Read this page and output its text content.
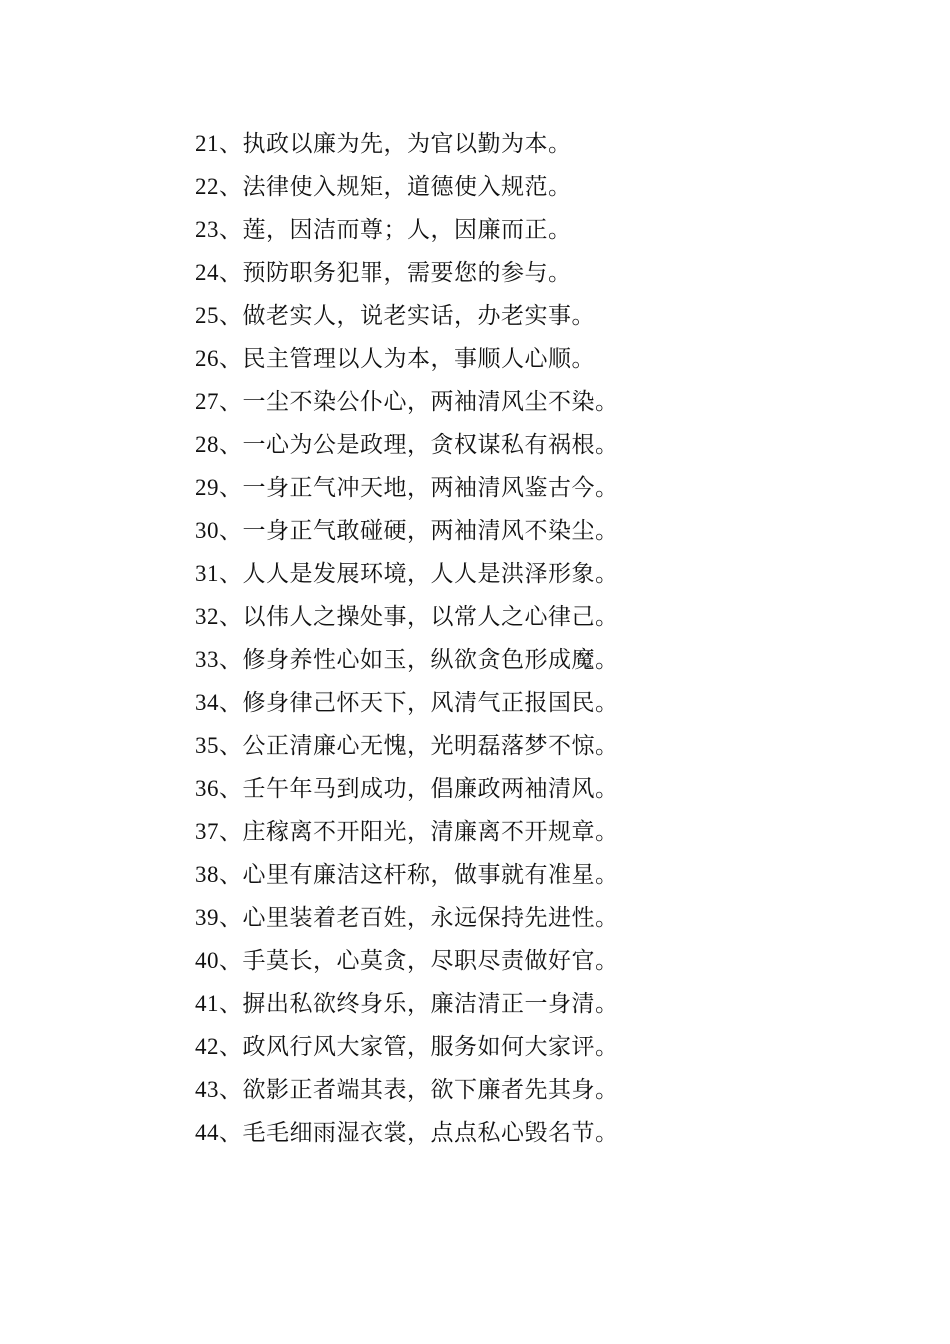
21、执政以廉为先，为官以勤为本。
22、法律使入规矩，道德使入规范。
23、莲，因洁而尊；人，因廉而正。
24、预防职务犯罪，需要您的参与。
25、做老实人，说老实话，办老实事。
26、民主管理以人为本，事顺人心顺。
27、一尘不染公仆心，两袖清风尘不染。
28、一心为公是政理，贪权谋私有祸根。
29、一身正气冲天地，两袖清风鉴古今。
30、一身正气敢碰硬，两袖清风不染尘。
31、人人是发展环境，人人是洪泽形象。
32、以伟人之操处事，以常人之心律己。
33、修身养性心如玉，纵欲贪色形成魔。
34、修身律己怀天下，风清气正报国民。
35、公正清廉心无愧，光明磊落梦不惊。
36、壬午年马到成功，倡廉政两袖清风。
37、庄稼离不开阳光，清廉离不开规章。
38、心里有廉洁这杆称，做事就有准星。
39、心里装着老百姓，永远保持先进性。
40、手莫长，心莫贪，尽职尽责做好官。
41、摒出私欲终身乐，廉洁清正一身清。
42、政风行风大家管，服务如何大家评。
43、欲影正者端其表，欲下廉者先其身。
44、毛毛细雨湿衣裳，点点私心毁名节。
